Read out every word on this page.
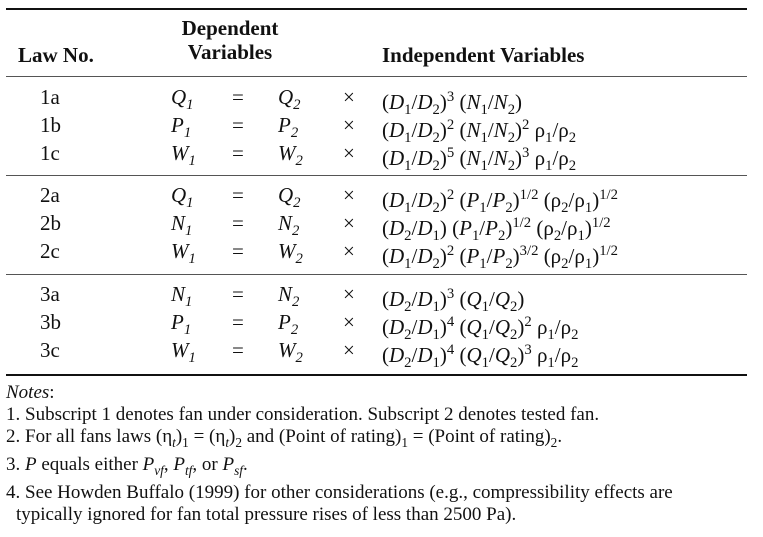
Dependent
Variables
Law No.	Independent Variables
1a	$Q_1 = Q_2 \times (D_1/D_2)^3$ $(N_1/N_2)$
1b	$P_1 = P_2 \times (D_1/D_2)^2$ $(N_1/N_2)^2$ $\rho_1/\rho_2$
1c	$W_1 = W_2 \times (D_1/D_2)^5$ $(N_1/N_2)^3$ $\rho_1/\rho_2$
2a	$Q_1 = Q_2 \times (D_1/D_2)^2$ $(P_1/P_2)^{1/2}$ $(\rho_2/\rho_1)^{1/2}$
2b	$N_1 = N_2 \times (D_2/D_1)$ $(P_1/P_2)^{1/2}$ $(\rho_2/\rho_1)^{1/2}$
2c	$W_1 = W_2 \times (D_1/D_2)^2$ $(P_1/P_2)^{3/2}$ $(\rho_2/\rho_1)^{1/2}$
3a	$N_1 = N_2 \times (D_2/D_1)^3$ $(Q_1/Q_2)$
3b	$P_1 = P_2 \times (D_2/D_1)^4$ $(Q_1/Q_2)^2$ $\rho_1/\rho_2$
3c	$W_1 = W_2 \times (D_2/D_1)^4$ $(Q_1/Q_2)^3$ $\rho_1/\rho_2$
Notes:
1. Subscript 1 denotes fan under consideration. Subscript 2 denotes tested fan.
2. For all fans laws $(\eta_t)_1 = (\eta_t)_2$ and (Point of $rating)_1$ = (Point of $rating)_2$.
3. P equals either $P_{vf}$, $P_{tf}$, or $P_{sf}$.
4. See Howden Buffalo (1999) for other considerations (e.g., compressibility effects are
typically ignored for fan total pressure rises of less than 2500 Pa).
